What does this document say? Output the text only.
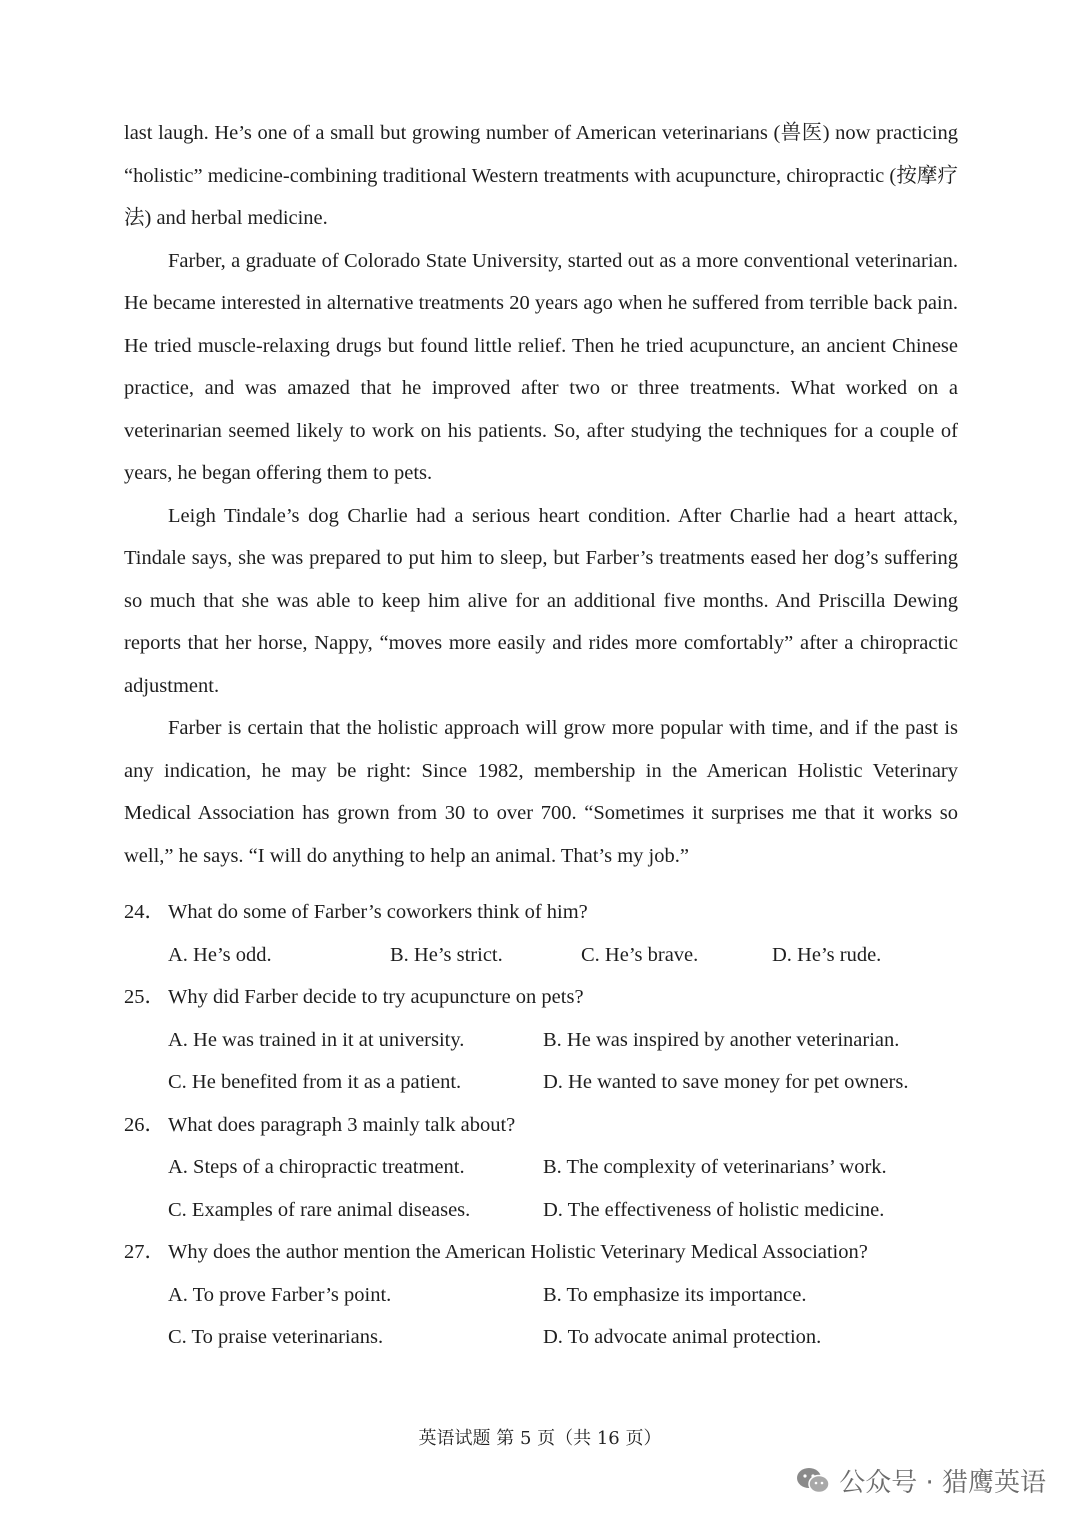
last laugh. He’s one of a small but growing number of American veterinarians (兽医) now practicing “holistic” medicine-combining traditional Western treatments with acupuncture, chiropractic (按摩疗法) and herbal medicine.

Farber, a graduate of Colorado State University, started out as a more conventional veterinarian. He became interested in alternative treatments 20 years ago when he suffered from terrible back pain. He tried muscle-relaxing drugs but found little relief. Then he tried acupuncture, an ancient Chinese practice, and was amazed that he improved after two or three treatments. What worked on a veterinarian seemed likely to work on his patients. So, after studying the techniques for a couple of years, he began offering them to pets.

Leigh Tindale’s dog Charlie had a serious heart condition. After Charlie had a heart attack, Tindale says, she was prepared to put him to sleep, but Farber’s treatments eased her dog’s suffering so much that she was able to keep him alive for an additional five months. And Priscilla Dewing reports that her horse, Nappy, “moves more easily and rides more comfortably” after a chiropractic adjustment.

Farber is certain that the holistic approach will grow more popular with time, and if the past is any indication, he may be right: Since 1982, membership in the American Holistic Veterinary Medical Association has grown from 30 to over 700. “Sometimes it surprises me that it works so well,” he says. “I will do anything to help an animal. That’s my job.”

24． What do some of Farber’s coworkers think of him?

A. He’s odd.	B. He’s strict.	C. He’s brave.	D. He’s rude.

25． Why did Farber decide to try acupuncture on pets?

A. He was trained in it at university.	B. He was inspired by another veterinarian.
C. He benefited from it as a patient.	D. He wanted to save money for pet owners.

26． What does paragraph 3 mainly talk about?

A. Steps of a chiropractic treatment.	B. The complexity of veterinarians’ work.
C. Examples of rare animal diseases.	D. The effectiveness of holistic medicine.

27． Why does the author mention the American Holistic Veterinary Medical Association?

A. To prove Farber’s point.	B. To emphasize its importance.
C. To praise veterinarians.	D. To advocate animal protection.
英语试题 第 5 页（共 16 页）
公众号 · 猎鹰英语
